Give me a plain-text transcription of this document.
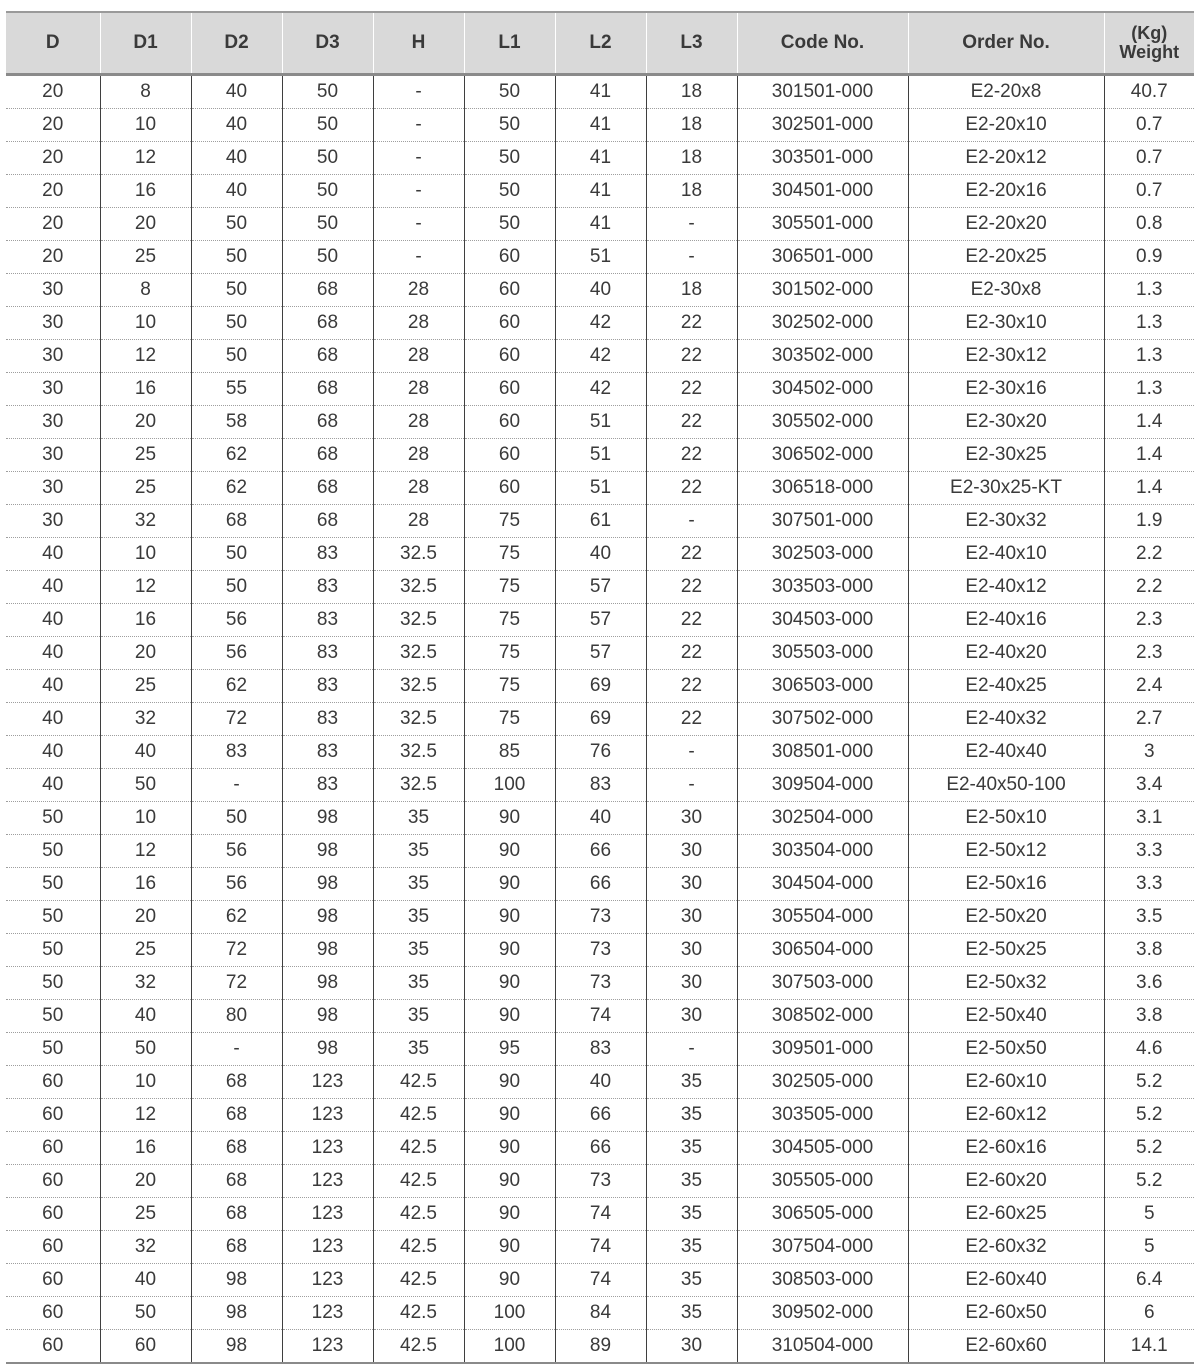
D	D1	D2	D3	H	L1	L2	L3	Code No.	Order No.	(Kg)
Weight

20	8	40	50	-	50	41	18	301501-000	E2-20x8	40.7
20	10	40	50	-	50	41	18	302501-000	E2-20x10	0.7
20	12	40	50	-	50	41	18	303501-000	E2-20x12	0.7
20	16	40	50	-	50	41	18	304501-000	E2-20x16	0.7
20	20	50	50	-	50	41	-	305501-000	E2-20x20	0.8
20	25	50	50	-	60	51	-	306501-000	E2-20x25	0.9
30	8	50	68	28	60	40	18	301502-000	E2-30x8	1.3
30	10	50	68	28	60	42	22	302502-000	E2-30x10	1.3
30	12	50	68	28	60	42	22	303502-000	E2-30x12	1.3
30	16	55	68	28	60	42	22	304502-000	E2-30x16	1.3
30	20	58	68	28	60	51	22	305502-000	E2-30x20	1.4
30	25	62	68	28	60	51	22	306502-000	E2-30x25	1.4
30	25	62	68	28	60	51	22	306518-000	E2-30x25-KT	1.4
30	32	68	68	28	75	61	-	307501-000	E2-30x32	1.9
40	10	50	83	32.5	75	40	22	302503-000	E2-40x10	2.2
40	12	50	83	32.5	75	57	22	303503-000	E2-40x12	2.2
40	16	56	83	32.5	75	57	22	304503-000	E2-40x16	2.3
40	20	56	83	32.5	75	57	22	305503-000	E2-40x20	2.3
40	25	62	83	32.5	75	69	22	306503-000	E2-40x25	2.4
40	32	72	83	32.5	75	69	22	307502-000	E2-40x32	2.7
40	40	83	83	32.5	85	76	-	308501-000	E2-40x40	3
40	50	-	83	32.5	100	83	-	309504-000	E2-40x50-100	3.4
50	10	50	98	35	90	40	30	302504-000	E2-50x10	3.1
50	12	56	98	35	90	66	30	303504-000	E2-50x12	3.3
50	16	56	98	35	90	66	30	304504-000	E2-50x16	3.3
50	20	62	98	35	90	73	30	305504-000	E2-50x20	3.5
50	25	72	98	35	90	73	30	306504-000	E2-50x25	3.8
50	32	72	98	35	90	73	30	307503-000	E2-50x32	3.6
50	40	80	98	35	90	74	30	308502-000	E2-50x40	3.8
50	50	-	98	35	95	83	-	309501-000	E2-50x50	4.6
60	10	68	123	42.5	90	40	35	302505-000	E2-60x10	5.2
60	12	68	123	42.5	90	66	35	303505-000	E2-60x12	5.2
60	16	68	123	42.5	90	66	35	304505-000	E2-60x16	5.2
60	20	68	123	42.5	90	73	35	305505-000	E2-60x20	5.2
60	25	68	123	42.5	90	74	35	306505-000	E2-60x25	5
60	32	68	123	42.5	90	74	35	307504-000	E2-60x32	5
60	40	98	123	42.5	90	74	35	308503-000	E2-60x40	6.4
60	50	98	123	42.5	100	84	35	309502-000	E2-60x50	6
60	60	98	123	42.5	100	89	30	310504-000	E2-60x60	14.1
